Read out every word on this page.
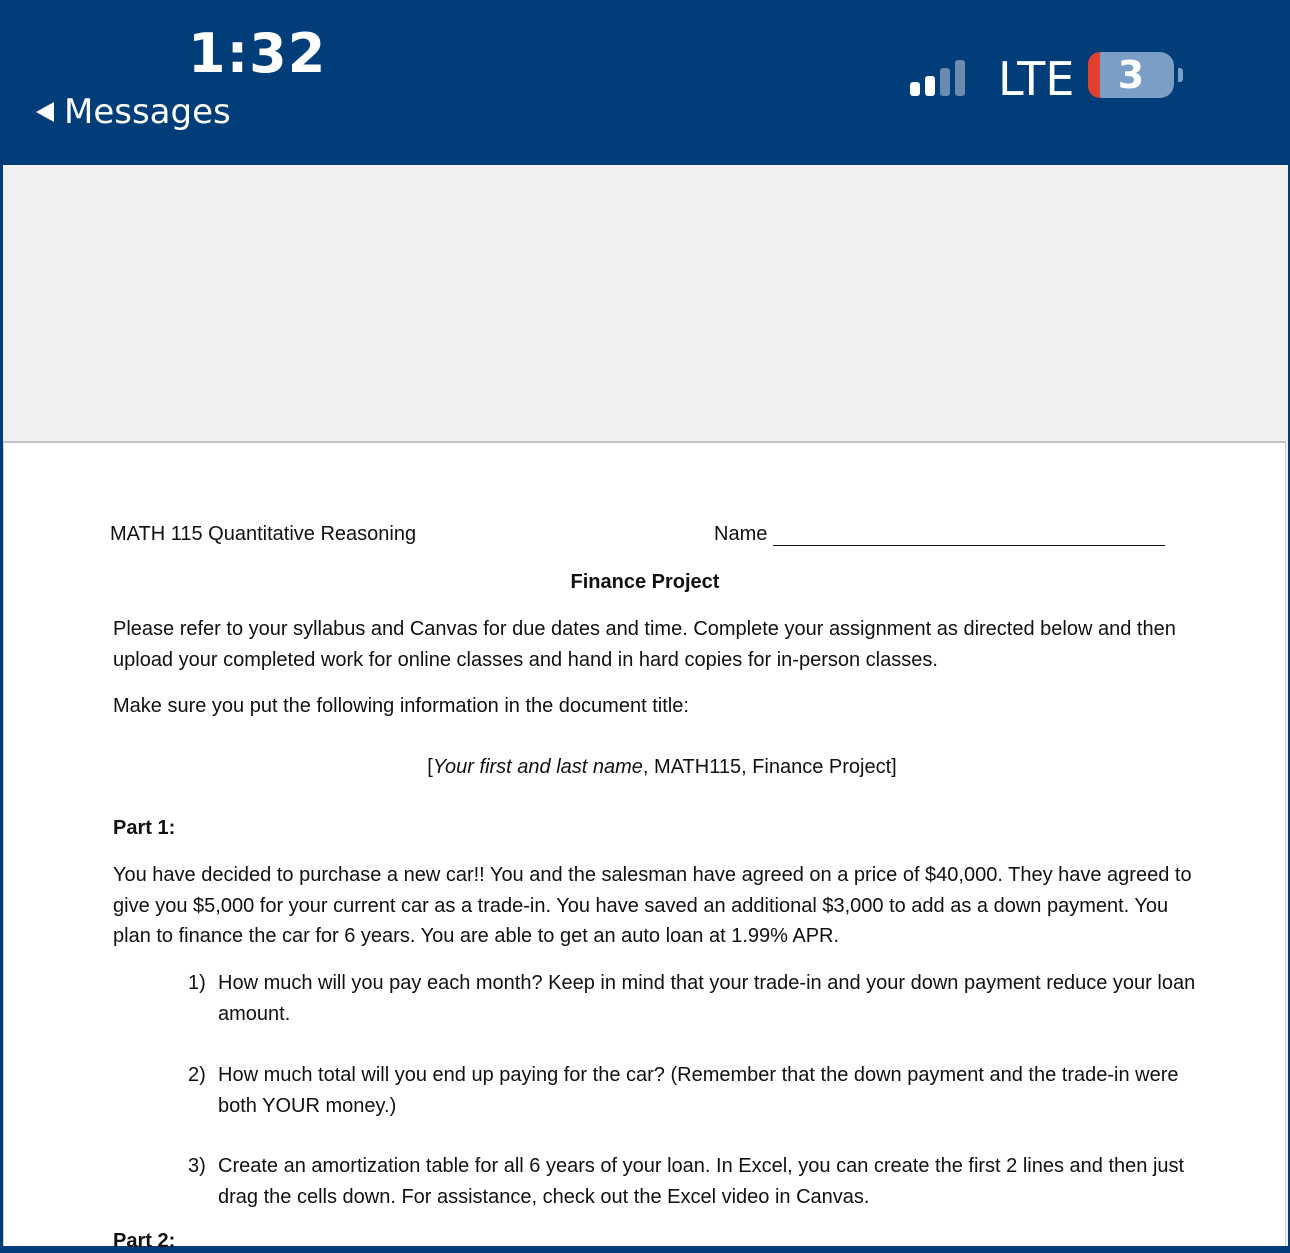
1:32
Messages
LTE	3
MATH 115 Quantitative Reasoning	Name
Finance Project

Please refer to your syllabus and Canvas for due dates and time. Complete your assignment as directed below and then upload your completed work for online classes and hand in hard copies for in-person classes.

Make sure you put the following information in the document title:

[Your first and last name, MATH115, Finance Project]
Part 1:

You have decided to purchase a new car!! You and the salesman have agreed on a price of $40,000. They have agreed to give you $5,000 for your current car as a trade-in. You have saved an additional $3,000 to add as a down payment. You plan to finance the car for 6 years. You are able to get an auto loan at 1.99% APR.

1) How much will you pay each month? Keep in mind that your trade-in and your down payment reduce your loan amount.
2) How much total will you end up paying for the car? (Remember that the down payment and the trade-in were both YOUR money.)
3) Create an amortization table for all 6 years of your loan. In Excel, you can create the first 2 lines and then just drag the cells down. For assistance, check out the Excel video in Canvas.
Part 2:
